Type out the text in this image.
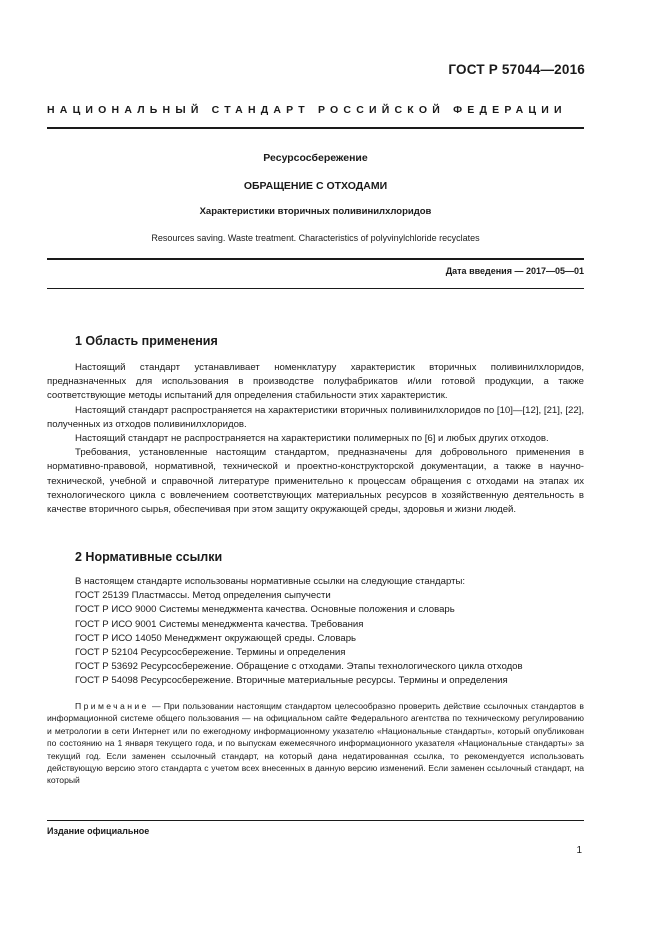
ГОСТ Р 57044—2016
НАЦИОНАЛЬНЫЙ СТАНДАРТ РОССИЙСКОЙ ФЕДЕРАЦИИ
Ресурсосбережение
ОБРАЩЕНИЕ С ОТХОДАМИ
Характеристики вторичных поливинилхлоридов
Resources saving. Waste treatment. Characteristics of polyvinylchloride recyclates
Дата введения — 2017—05—01
1 Область применения

Настоящий стандарт устанавливает номенклатуру характеристик вторичных поливинилхлоридов, предназначенных для использования в производстве полуфабрикатов и/или готовой продукции, а также соответствующие методы испытаний для определения стабильности этих характеристик.

Настоящий стандарт распространяется на характеристики вторичных поливинилхлоридов по [10]—[12], [21], [22], полученных из отходов поливинилхлоридов.

Настоящий стандарт не распространяется на характеристики полимерных по [6] и любых других отходов.

Требования, установленные настоящим стандартом, предназначены для добровольного применения в нормативно-правовой, нормативной, технической и проектно-конструкторской документации, а также в научно-технической, учебной и справочной литературе применительно к процессам обращения с отходами на этапах их технологического цикла с вовлечением соответствующих материальных ресурсов в хозяйственную деятельность в качестве вторичного сырья, обеспечивая при этом защиту окружающей среды, здоровья и жизни людей.

2 Нормативные ссылки

В настоящем стандарте использованы нормативные ссылки на следующие стандарты:

ГОСТ 25139 Пластмассы. Метод определения сыпучести

ГОСТ Р ИСО 9000 Системы менеджмента качества. Основные положения и словарь

ГОСТ Р ИСО 9001 Системы менеджмента качества. Требования

ГОСТ Р ИСО 14050 Менеджмент окружающей среды. Словарь

ГОСТ Р 52104 Ресурсосбережение. Термины и определения

ГОСТ Р 53692 Ресурсосбережение. Обращение с отходами. Этапы технологического цикла отходов

ГОСТ Р 54098 Ресурсосбережение. Вторичные материальные ресурсы. Термины и определения

Примечание — При пользовании настоящим стандартом целесообразно проверить действие ссылочных стандартов в информационной системе общего пользования — на официальном сайте Федерального агентства по техническому регулированию и метрологии в сети Интернет или по ежегодному информационному указателю «Национальные стандарты», который опубликован по состоянию на 1 января текущего года, и по выпускам ежемесячного информационного указателя «Национальные стандарты» за текущий год. Если заменен ссылочный стандарт, на который дана недатированная ссылка, то рекомендуется использовать действующую версию этого стандарта с учетом всех внесенных в данную версию изменений. Если заменен ссылочный стандарт, на который

Издание официальное
1
